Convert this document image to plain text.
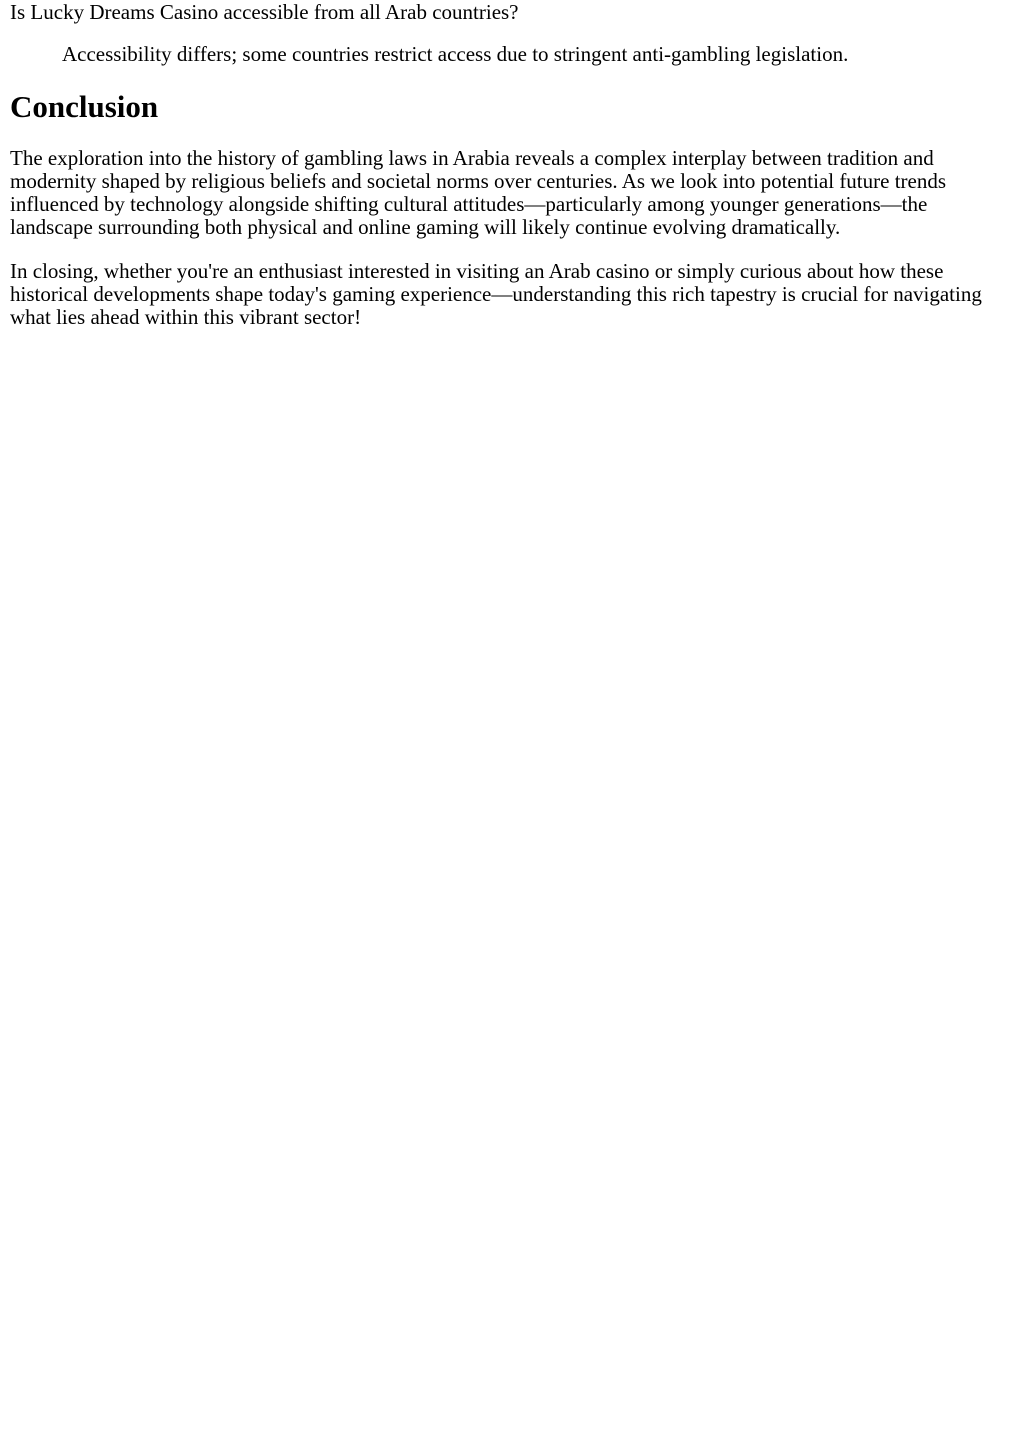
Is Lucky Dreams Casino accessible from all Arab countries?
Accessibility differs; some countries restrict access due to stringent anti-gambling legislation.
Conclusion

The exploration into the history of gambling laws in Arabia reveals a complex interplay between tradition and modernity shaped by religious beliefs and societal norms over centuries. As we look into potential future trends influenced by technology alongside shifting cultural attitudes—particularly among younger generations—the landscape surrounding both physical and online gaming will likely continue evolving dramatically.

In closing, whether you're an enthusiast interested in visiting an Arab casino or simply curious about how these historical developments shape today's gaming experience—understanding this rich tapestry is crucial for navigating what lies ahead within this vibrant sector!
